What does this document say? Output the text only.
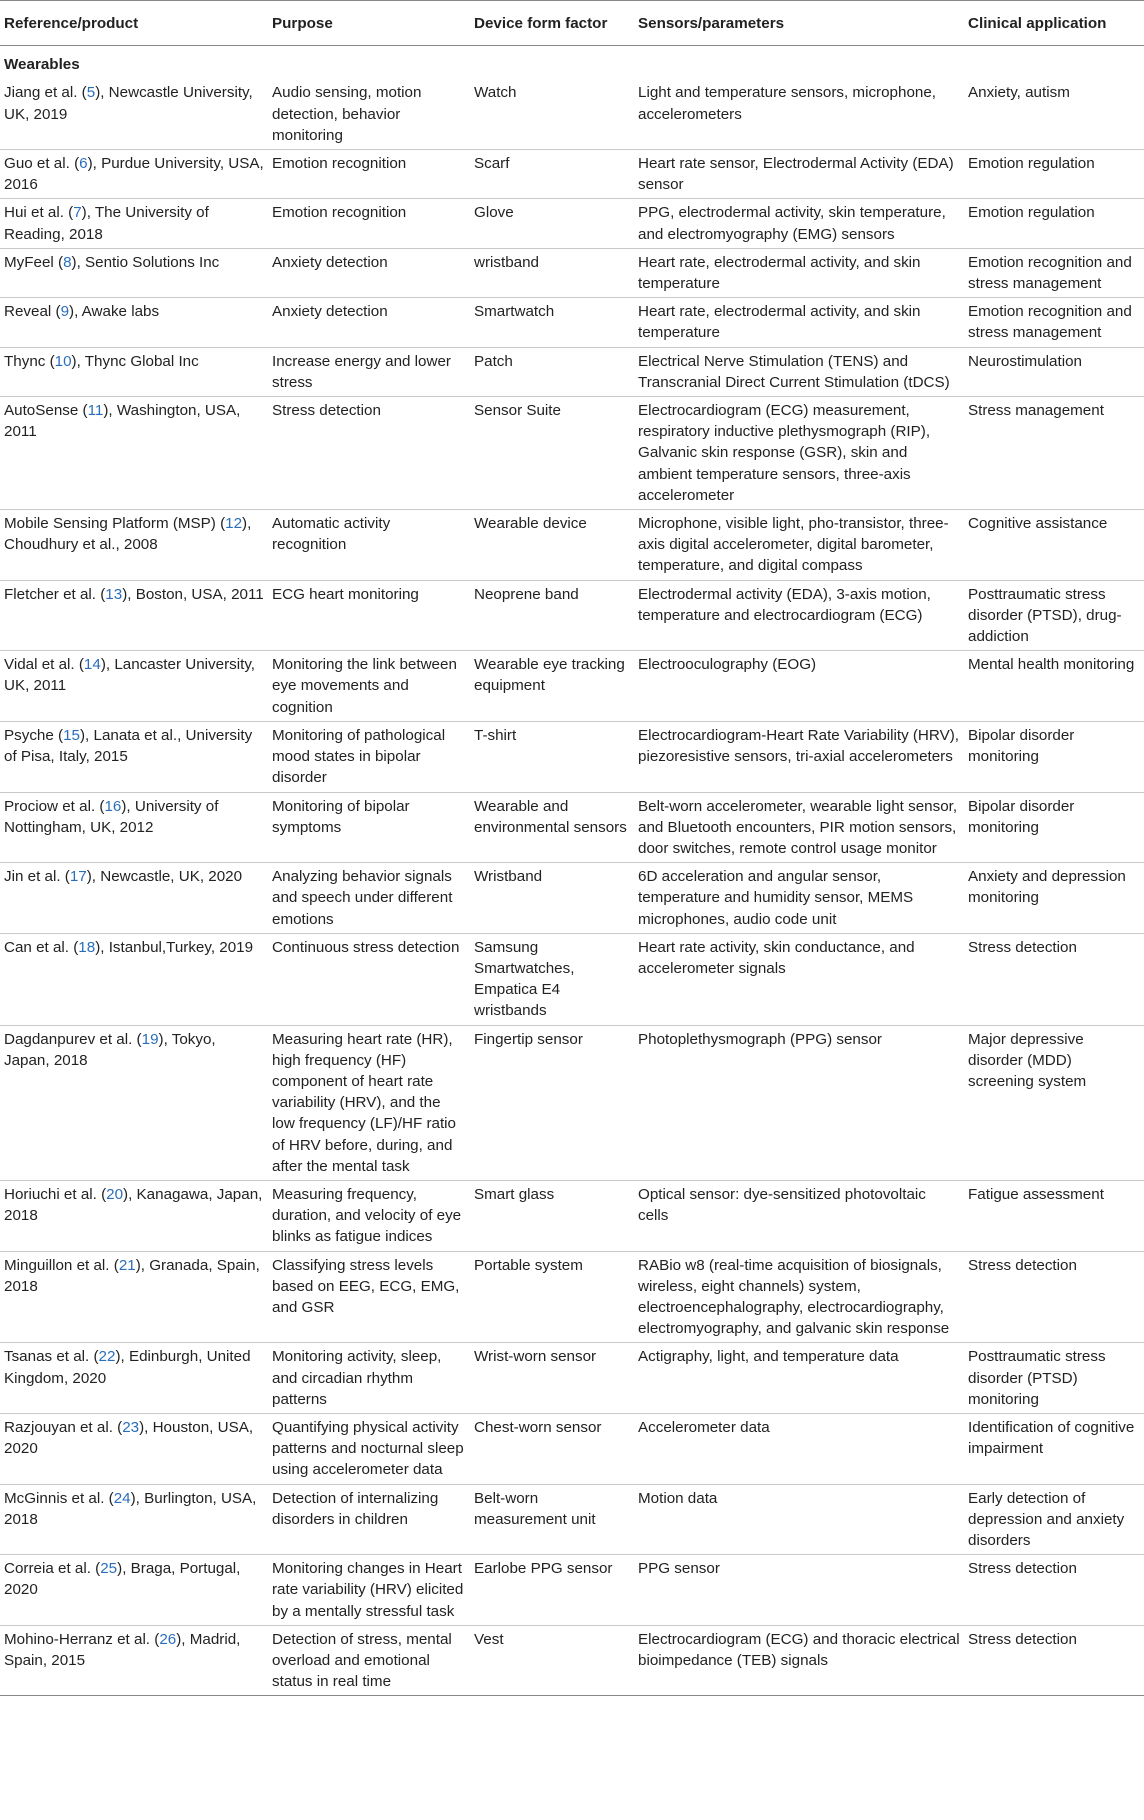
Reference/product	Purpose	Device form factor	Sensors/parameters	Clinical application
Wearables				
Jiang et al. (5), Newcastle University, UK, 2019	Audio sensing, motion detection, behavior monitoring	Watch	Light and temperature sensors, microphone, accelerometers	Anxiety, autism
Guo et al. (6), Purdue University, USA, 2016	Emotion recognition	Scarf	Heart rate sensor, Electrodermal Activity (EDA) sensor	Emotion regulation
Hui et al. (7), The University of Reading, 2018	Emotion recognition	Glove	PPG, electrodermal activity, skin temperature, and electromyography (EMG) sensors	Emotion regulation
MyFeel (8), Sentio Solutions Inc	Anxiety detection	wristband	Heart rate, electrodermal activity, and skin temperature	Emotion recognition and stress management
Reveal (9), Awake labs	Anxiety detection	Smartwatch	Heart rate, electrodermal activity, and skin temperature	Emotion recognition and stress management
Thync (10), Thync Global Inc	Increase energy and lower stress	Patch	Electrical Nerve Stimulation (TENS) and Transcranial Direct Current Stimulation (tDCS)	Neurostimulation
AutoSense (11), Washington, USA, 2011	Stress detection	Sensor Suite	Electrocardiogram (ECG) measurement, respiratory inductive plethysmograph (RIP), Galvanic skin response (GSR), skin and ambient temperature sensors, three-axis accelerometer	Stress management
Mobile Sensing Platform (MSP) (12), Choudhury et al., 2008	Automatic activity recognition	Wearable device	Microphone, visible light, pho-transistor, three-axis digital accelerometer, digital barometer, temperature, and digital compass	Cognitive assistance
Fletcher et al. (13), Boston, USA, 2011	ECG heart monitoring	Neoprene band	Electrodermal activity (EDA), 3-axis motion, temperature and electrocardiogram (ECG)	Posttraumatic stress disorder (PTSD), drug-addiction
Vidal et al. (14), Lancaster University, UK, 2011	Monitoring the link between eye movements and cognition	Wearable eye tracking equipment	Electrooculography (EOG)	Mental health monitoring
Psyche (15), Lanata et al., University of Pisa, Italy, 2015	Monitoring of pathological mood states in bipolar disorder	T-shirt	Electrocardiogram-Heart Rate Variability (HRV), piezoresistive sensors, tri-axial accelerometers	Bipolar disorder monitoring
Prociow et al. (16), University of Nottingham, UK, 2012	Monitoring of bipolar symptoms	Wearable and environmental sensors	Belt-worn accelerometer, wearable light sensor, and Bluetooth encounters, PIR motion sensors, door switches, remote control usage monitor	Bipolar disorder monitoring
Jin et al. (17), Newcastle, UK, 2020	Analyzing behavior signals and speech under different emotions	Wristband	6D acceleration and angular sensor, temperature and humidity sensor, MEMS microphones, audio code unit	Anxiety and depression monitoring
Can et al. (18), Istanbul,Turkey, 2019	Continuous stress detection	Samsung Smartwatches, Empatica E4 wristbands	Heart rate activity, skin conductance, and accelerometer signals	Stress detection
Dagdanpurev et al. (19), Tokyo, Japan, 2018	Measuring heart rate (HR), high frequency (HF) component of heart rate variability (HRV), and the low frequency (LF)/HF ratio of HRV before, during, and after the mental task	Fingertip sensor	Photoplethysmograph (PPG) sensor	Major depressive disorder (MDD) screening system
Horiuchi et al. (20), Kanagawa, Japan, 2018	Measuring frequency, duration, and velocity of eye blinks as fatigue indices	Smart glass	Optical sensor: dye-sensitized photovoltaic cells	Fatigue assessment
Minguillon et al. (21), Granada, Spain, 2018	Classifying stress levels based on EEG, ECG, EMG, and GSR	Portable system	RABio w8 (real-time acquisition of biosignals, wireless, eight channels) system, electroencephalography, electrocardiography, electromyography, and galvanic skin response	Stress detection
Tsanas et al. (22), Edinburgh, United Kingdom, 2020	Monitoring activity, sleep, and circadian rhythm patterns	Wrist-worn sensor	Actigraphy, light, and temperature data	Posttraumatic stress disorder (PTSD) monitoring
Razjouyan et al. (23), Houston, USA, 2020	Quantifying physical activity patterns and nocturnal sleep using accelerometer data	Chest-worn sensor	Accelerometer data	Identification of cognitive impairment
McGinnis et al. (24), Burlington, USA, 2018	Detection of internalizing disorders in children	Belt-worn measurement unit	Motion data	Early detection of depression and anxiety disorders
Correia et al. (25), Braga, Portugal, 2020	Monitoring changes in Heart rate variability (HRV) elicited by a mentally stressful task	Earlobe PPG sensor	PPG sensor	Stress detection
Mohino-Herranz et al. (26), Madrid, Spain, 2015	Detection of stress, mental overload and emotional status in real time	Vest	Electrocardiogram (ECG) and thoracic electrical bioimpedance (TEB) signals	Stress detection
